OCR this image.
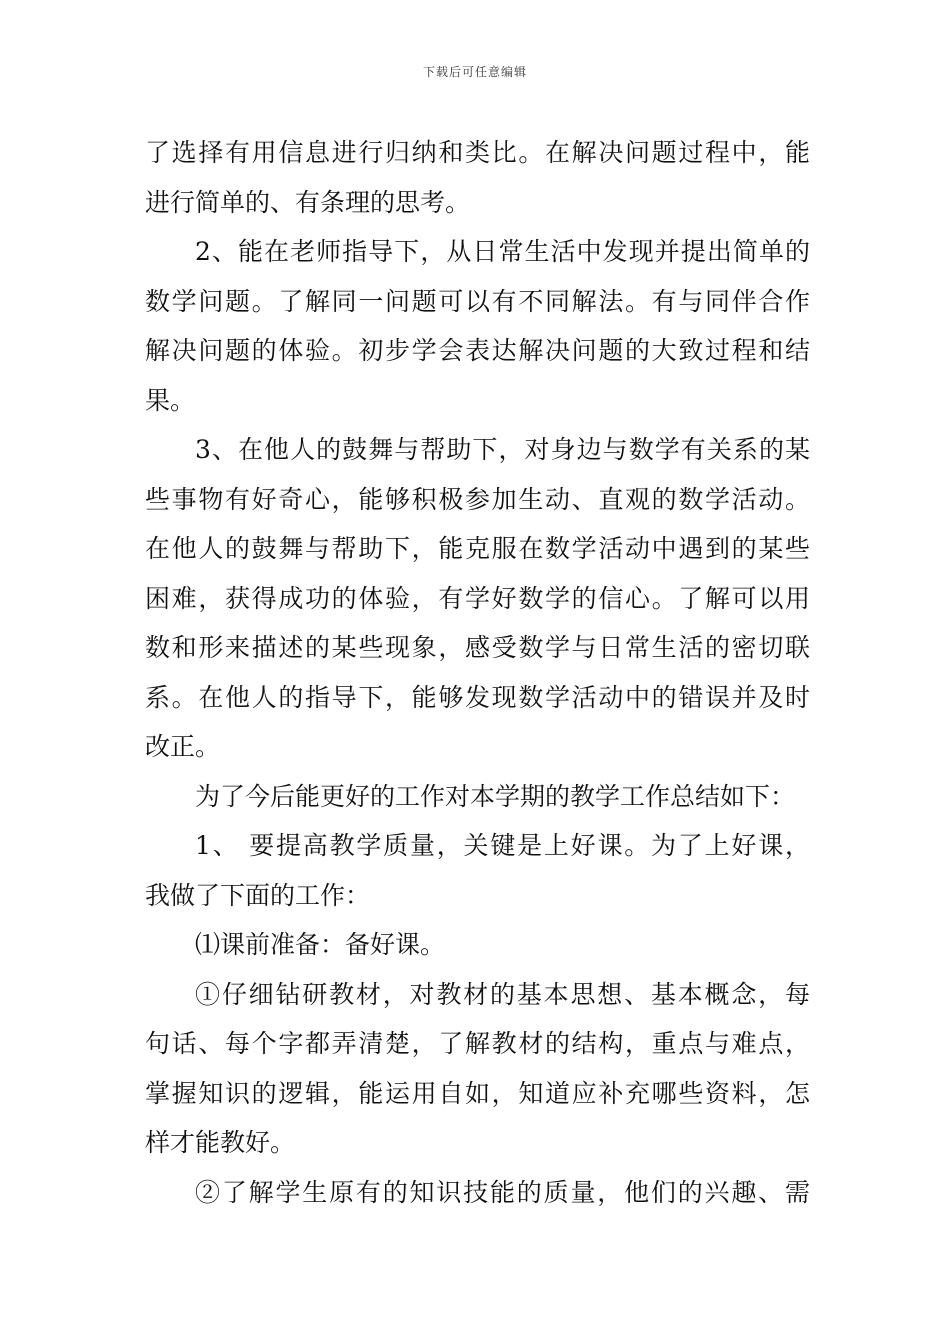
下载后可任意编辑
了选择有用信息进行归纳和类比。在解决问题过程中，能
进行简单的、有条理的思考。
2、能在老师指导下，从日常生活中发现并提出简单的
数学问题。了解同一问题可以有不同解法。有与同伴合作
解决问题的体验。初步学会表达解决问题的大致过程和结
果。
3、在他人的鼓舞与帮助下，对身边与数学有关系的某
些事物有好奇心，能够积极参加生动、直观的数学活动。
在他人的鼓舞与帮助下，能克服在数学活动中遇到的某些
困难，获得成功的体验，有学好数学的信心。了解可以用
数和形来描述的某些现象，感受数学与日常生活的密切联
系。在他人的指导下，能够发现数学活动中的错误并及时
改正。
为了今后能更好的工作对本学期的教学工作总结如下：
1、 要提高教学质量，关键是上好课。为了上好课，
我做了下面的工作：
⑴课前准备：备好课。
①仔细钻研教材，对教材的基本思想、基本概念，每
句话、每个字都弄清楚，了解教材的结构，重点与难点，
掌握知识的逻辑，能运用自如，知道应补充哪些资料，怎
样才能教好。
②了解学生原有的知识技能的质量，他们的兴趣、需
